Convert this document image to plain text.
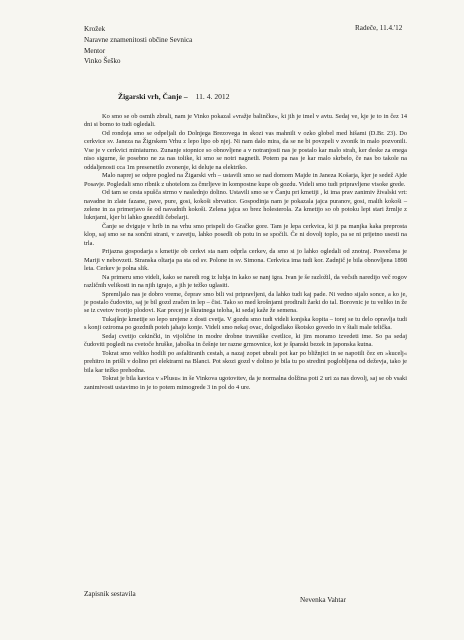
Krožek
Naravne znamenitosti občine Sevnica
Mentor
Vinko Šeško
Radeče, 11.4.'12
Žigarski vrh, Čanje – 11. 4. 2012

Ko smo se ob osmih zbrali, nam je Vinko pokazal »vražje balinčke«, ki jih je imel v avtu. Sedaj ve, kje je to in čez 14 dni si bomo to tudi ogledali.

Od rondoja smo se odpeljali do Dolnjega Brezovega in skozi vas mahnili v ozko globel med hišami (D.Br. 23). Do cerkvice sv. Janeza na Žigrskem Vrhu z lepo lipo ob njej. Ni nam dalo mira, da se ne bi povzpeli v zvonik in malo pozvonili. Vse je v cerkvici miniaturno. Zunanje stopnice so obnovljene a v notranjosti nas je postalo kar malo strah, ker deske za enega niso sigurne, še posebno ne za nas tolike, ki smo se notri nagnetli. Potem pa nas je kar malo skrbelo, če nas bo takole na oddaljenosti cca 1m presenetilo zvonenje, ki deluje na elektriko.

Malo naprej se odpre pogled na Žigarski vrh – ustavili smo se nad domom Majde in Janeza Košarja, kjer je sedež Ajde Posavje. Pogledali smo ribnik z uhotelom za čmrljeve in kompostne kupe ob gozdu. Videli smo tudi pripravljene visoke grede.

Od tam se cesta spušča strmo v naslednjo dolino. Ustavili smo se v Čanju pri kmetiji , ki ima prav zanimiv živalski vrt: navadne in zlate fazane, pave, pure, gosi, kokoši sbrvatice. Gospodinja nam je pokazala jajca puranov, gosi, malih kokoši – zelene in za primerjavo še od navadnih kokoši. Zelena jajca so brez holesterola. Za kmetijo so ob potoku lepi stari žrmlje z luknjami, kjer bi lahko gnezdili čebelarji.

Čanje se dviguje v hrib in na vrhu smo prispeli do Gračke gore. Tam je lepa cerkvica, ki ji pa manjka kaka preprosta klop, saj smo se na sončni strani, v zavetju, lahko posedli ob potu in se spočili. Če ni dovolj toplo, pa se ni prijetno usesti na trla.

Prijazna gospodarja s kmetije ob cerkvi sta nam odprla cerkev, da smo si jo lahko ogledali od znotraj. Posvečena je Mariji v nebovzeti. Stranska oltarja pa sta od sv. Polone in sv. Simona. Cerkvica ima tudi kor. Zadnjič je bila obnovljena 1898 leta. Cerkev je polna slik.

Na primeru smo videli, kako se naredi rog iz lubja in kako se nanj igra. Ivan je še razložil, da večsih naredijo več rogov različnih velikosti in na njih igrajo, a jih je težko uglasiti.

Spremljalo nas je dobro vreme, čeprav smo bili vsi pripravljeni, da lahko tudi kaj pade. Ni vedno sijalo sonce, a ko je, je postalo čudovito, saj je bil gozd zračen in lep – čist. Tako so med krošnjami prodirali žarki do tal. Borovnic je tu veliko in že se iz cvetov tvorijo plodovi. Kar preceј je škratnega teloha, ki sedaj kaže že semena.

Tukajšnje kmetije so lepo urejene z dosti cvetja. V gozdu smo tudi videli konjska kopita – torej se tu delo opravlja tudi s konji oziroma po gozdnih poteh jahajo konje. Videli smo nekaj ovac, dolgodlako škotsko govedo in v štali male telička.

Sedaj cvetijo cekinčki, in vijolične in modre drobne travniške cvetlice, ki jim moramo izvedeti ime. So pa sedaj čudoviti pogledi na cvetoče hruške, jabolka in češnje ter razne grmovnice, kot je španski bezek in japonska kutna.

Tokrat smo veliko hodili po asfaltiranih cestah, a nazaj zopet ubrali pot kar po bližnjici in se napotili čez en »kucelj« prehitro in prišli v dolino pri elektrarni na Blanci. Pot skozi gozd v dolino je bila tu po stredini poglobljena od deževja, tako je bila kar težko prehodna.

Tokrat je bila kavica v »Plusu« in še Vinkova ugotovitev, da je normalna dolžina poti 2 uri za nas dovolj, saj se ob vsaki zanimivosti ustavimo in je to potem mimogrede 3 in pol do 4 ure.

Zapisnik sestavila
Nevenka Vahtar
